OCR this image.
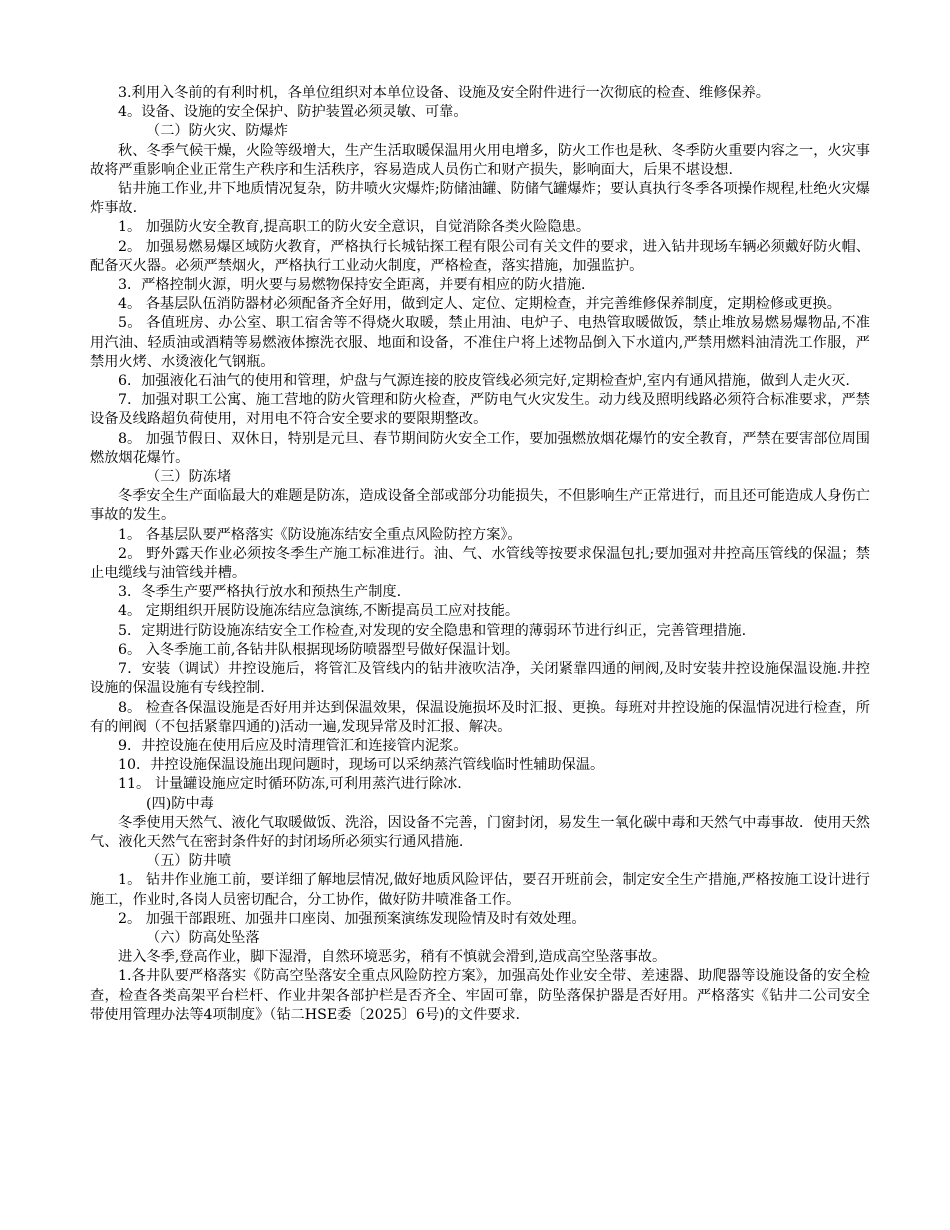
3.利用入冬前的有利时机，各单位组织对本单位设备、设施及安全附件进行一次彻底的检查、维修保养。

4。设备、设施的安全保护、防护装置必须灵敏、可靠。

（二）防火灾、防爆炸

秋、冬季气候干燥，火险等级增大，生产生活取暖保温用火用电增多，防火工作也是秋、冬季防火重要内容之一，火灾事故将严重影响企业正常生产秩序和生活秩序，容易造成人员伤亡和财产损失，影响面大，后果不堪设想.

钻井施工作业,井下地质情况复杂，防井喷火灾爆炸;防储油罐、防储气罐爆炸；要认真执行冬季各项操作规程,杜绝火灾爆炸事故.

1。 加强防火安全教育,提高职工的防火安全意识，自觉消除各类火险隐患。

2。 加强易燃易爆区域防火教育，严格执行长城钻探工程有限公司有关文件的要求，进入钻井现场车辆必须戴好防火帽、配备灭火器。必须严禁烟火，严格执行工业动火制度，严格检查，落实措施，加强监护。

3．严格控制火源，明火要与易燃物保持安全距离，并要有相应的防火措施．

4。 各基层队伍消防器材必须配备齐全好用，做到定人、定位、定期检查，并完善维修保养制度，定期检修或更换。

5。 各值班房、办公室、职工宿舍等不得烧火取暖，禁止用油、电炉子、电热管取暖做饭，禁止堆放易燃易爆物品,不准用汽油、轻质油或酒精等易燃液体擦洗衣服、地面和设备，不准住户将上述物品倒入下水道内,严禁用燃料油清洗工作服，严禁用火烤、水烫液化气钢瓶。

6．加强液化石油气的使用和管理，炉盘与气源连接的胶皮管线必须完好,定期检查炉,室内有通风措施，做到人走火灭.

7．加强对职工公寓、施工营地的防火管理和防火检查，严防电气火灾发生。动力线及照明线路必须符合标准要求，严禁设备及线路超负荷使用，对用电不符合安全要求的要限期整改。

8。 加强节假日、双休日，特别是元旦、春节期间防火安全工作，要加强燃放烟花爆竹的安全教育，严禁在要害部位周围燃放烟花爆竹。

（三）防冻堵

冬季安全生产面临最大的难题是防冻，造成设备全部或部分功能损失，不但影响生产正常进行，而且还可能造成人身伤亡事故的发生。

1。 各基层队要严格落实《防设施冻结安全重点风险防控方案》。

2。 野外露天作业必须按冬季生产施工标准进行。油、气、水管线等按要求保温包扎;要加强对井控高压管线的保温；禁止电缆线与油管线并槽。

3．冬季生产要严格执行放水和预热生产制度.

4。 定期组织开展防设施冻结应急演练,不断提高员工应对技能。

5．定期进行防设施冻结安全工作检查,对发现的安全隐患和管理的薄弱环节进行纠正，完善管理措施.

6。 入冬季施工前,各钻井队根据现场防喷器型号做好保温计划。

7．安装（调试）井控设施后，将管汇及管线内的钻井液吹洁净，关闭紧靠四通的闸阀,及时安装井控设施保温设施.井控设施的保温设施有专线控制.

8。 检查各保温设施是否好用并达到保温效果，保温设施损坏及时汇报、更换。每班对井控设施的保温情况进行检查，所有的闸阀（不包括紧靠四通的)活动一遍,发现异常及时汇报、解决。

9．井控设施在使用后应及时清理管汇和连接管内泥浆。

10．井控设施保温设施出现问题时，现场可以采纳蒸汽管线临时性辅助保温。

11。 计量罐设施应定时循环防冻,可利用蒸汽进行除冰.

(四)防中毒

冬季使用天然气、液化气取暖做饭、洗浴，因设备不完善，门窗封闭，易发生一氧化碳中毒和天然气中毒事故．使用天然气、液化天然气在密封条件好的封闭场所必须实行通风措施.

（五）防井喷

1。 钻井作业施工前，要详细了解地层情况,做好地质风险评估，要召开班前会，制定安全生产措施,严格按施工设计进行施工，作业时,各岗人员密切配合，分工协作，做好防井喷准备工作。

2。 加强干部跟班、加强井口座岗、加强预案演练发现险情及时有效处理。

（六）防高处坠落

进入冬季,登高作业，脚下湿滑，自然环境恶劣，稍有不慎就会滑到,造成高空坠落事故。

1.各井队要严格落实《防高空坠落安全重点风险防控方案》，加强高处作业安全带、差速器、助爬器等设施设备的安全检查，检查各类高架平台栏杆、作业井架各部护栏是否齐全、牢固可靠，防坠落保护器是否好用。严格落实《钻井二公司安全带使用管理办法等4项制度》（钻二HSE委〔2025〕6号)的文件要求.
